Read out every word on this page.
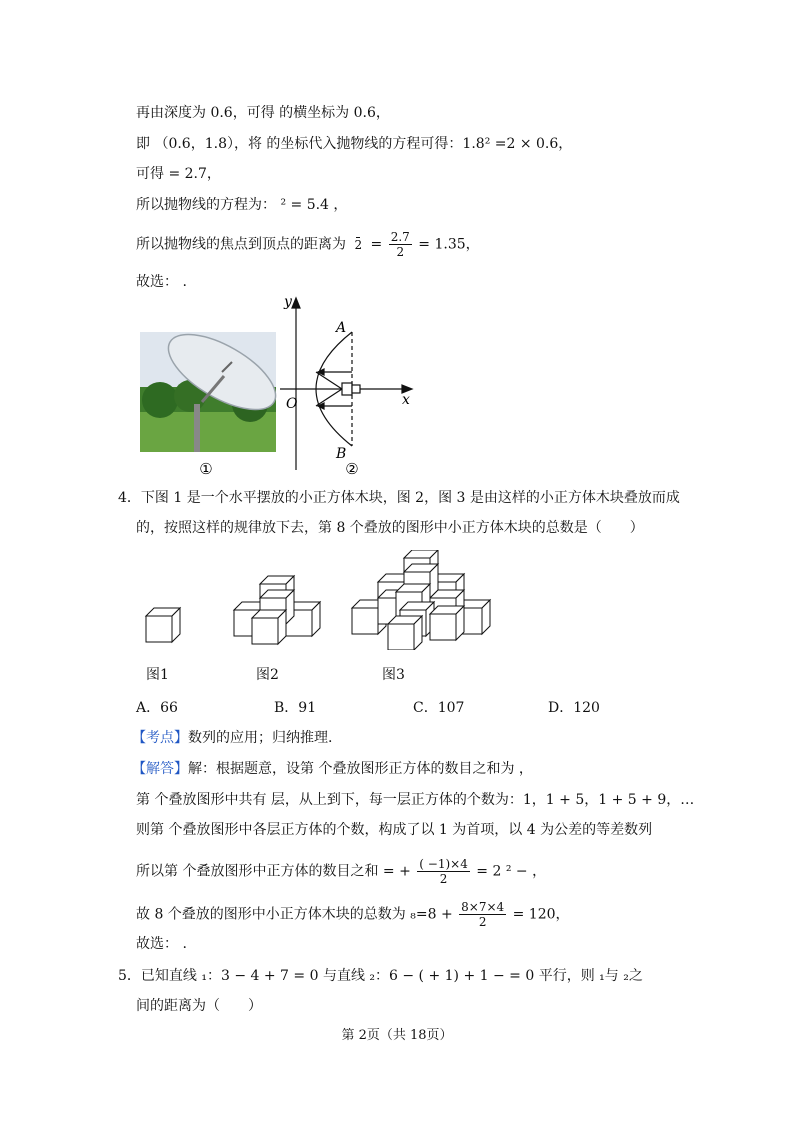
再由深度为 0.6，可得 的横坐标为 0.6，
即 （0.6，1.8），将 的坐标代入抛物线的方程可得：1.8² =2 × 0.6，
可得 = 2.7，
所以抛物线的方程为： ² = 5.4 ，
所以抛物线的焦点到顶点的距离为 $2 = \frac{2.7}{2} = 1.35$，
故选： .
①
y
x
O
A
B
②
4．下图 1 是一个水平摆放的小正方体木块，图 2，图 3 是由这样的小正方体木块叠放而成
的，按照这样的规律放下去，第 8 个叠放的图形中小正方体木块的总数是（　　）
图1	图2	图3
A．66	B．91	C．107	D．120
【考点】数列的应用；归纳推理.
【解答】解：根据题意，设第 个叠放图形正方体的数目之和为 ，
第 个叠放图形中共有 层，从上到下，每一层正方体的个数为：1，1 + 5，1 + 5 + 9，…
则第 个叠放图形中各层正方体的个数，构成了以 1 为首项，以 4 为公差的等差数列
所以第 个叠放图形中正方体的数目之和 = + $\frac{( -1)\times 4}{2} = 2$ ² − ，
故 8 个叠放的图形中小正方体木块的总数为 $_8=8 + \frac{8\times 7\times 4}{2} = 120$，
故选： .
5．已知直线 ₁：3 − 4 + 7 = 0 与直线 ₂：6 − ( + 1) + 1 − = 0 平行，则 ₁与 ₂之
间的距离为（　　）
第 2页（共 18页）
